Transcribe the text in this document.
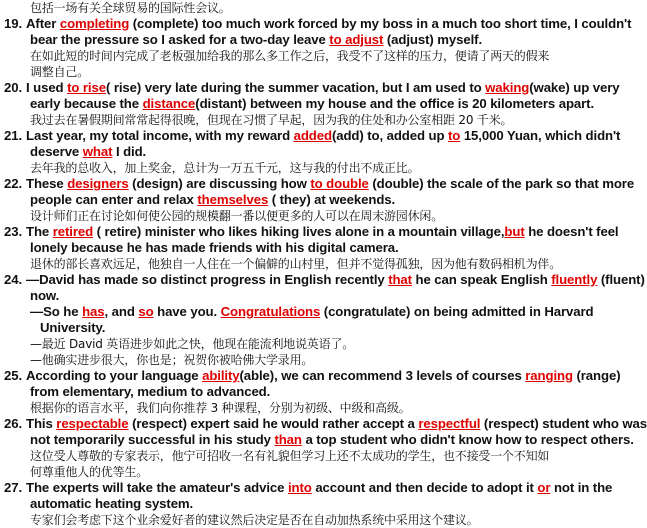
包括一场有关全球贸易的国际性会议。
19. After completing (complete) too much work forced by my boss in a much too short time, I couldn't
bear the pressure so I asked for a two-day leave to adjust (adjust) myself.
在如此短的时间内完成了老板强加给我的那么多工作之后，我受不了这样的压力，便请了两天的假来
调整自己。
20. I used to rise( rise) very late during the summer vacation, but I am used to waking(wake) up very
early because the distance(distant) between my house and the office is 20 kilometers apart.
我过去在暑假期间常常起得很晚，但现在习惯了早起，因为我的住处和办公室相距 20 千米。
21. Last year, my total income, with my reward added(add) to, added up to 15,000 Yuan, which didn't
deserve what I did.
去年我的总收入，加上奖金，总计为一万五千元，这与我的付出不成正比。
22. These designers (design) are discussing how to double (double) the scale of the park so that more
people can enter and relax themselves ( they) at weekends.
设计师们正在讨论如何使公园的规模翻一番以便更多的人可以在周末游园休闲。
23. The retired ( retire) minister who likes hiking lives alone in a mountain village,but he doesn't feel
lonely because he has made friends with his digital camera.
退休的部长喜欢远足，他独自一人住在一个偏僻的山村里，但并不觉得孤独，因为他有数码相机为伴。
24. —David has made so distinct progress in English recently that he can speak English fluently (fluent)
now.
—So he has, and so have you. Congratulations (congratulate) on being admitted in Harvard
University.
—最近 David 英语进步如此之快，他现在能流利地说英语了。
—他确实进步很大，你也是；祝贺你被哈佛大学录用。
25. According to your language ability(able), we can recommend 3 levels of courses ranging (range)
from elementary, medium to advanced.
根据你的语言水平，我们向你推荐 3 种课程，分别为初级、中级和高级。
26. This respectable (respect) expert said he would rather accept a respectful (respect) student who was
not temporarily successful in his study than a top student who didn't know how to respect others.
这位受人尊敬的专家表示，他宁可招收一名有礼貌但学习上还不太成功的学生，也不接受一个不知如
何尊重他人的优等生。
27. The experts will take the amateur's advice into account and then decide to adopt it or not in the
automatic heating system.
专家们会考虑下这个业余爱好者的建议然后决定是否在自动加热系统中采用这个建议。
